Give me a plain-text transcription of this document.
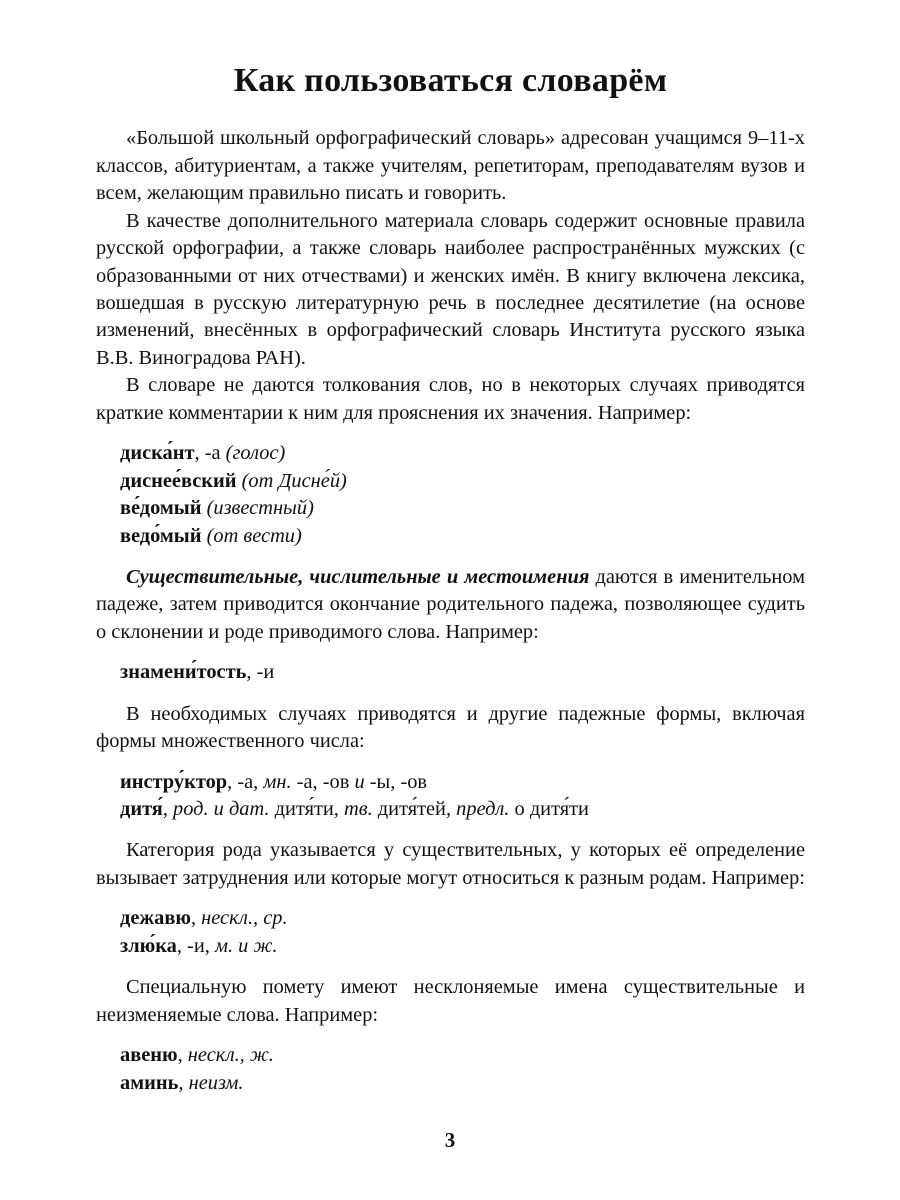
Как пользоваться словарём

«Большой школьный орфографический словарь» адресован учащимся 9–11-х классов, абитуриентам, а также учителям, репетиторам, преподавателям вузов и всем, желающим правильно писать и говорить.

В качестве дополнительного материала словарь содержит основные правила русской орфографии, а также словарь наиболее распространённых мужских (с образованными от них отчествами) и женских имён. В книгу включена лексика, вошедшая в русскую литературную речь в последнее десятилетие (на основе изменений, внесённых в орфографический словарь Института русского языка В.В. Виноградова РАН).

В словаре не даются толкования слов, но в некоторых случаях приводятся краткие комментарии к ним для прояснения их значения. Например:

диска́нт, -а (голос)
диснее́вский (от Дисне́й)
ве́домый (известный)
ведо́мый (от вести)

Существительные, числительные и местоимения даются в именительном падеже, затем приводится окончание родительного падежа, позволяющее судить о склонении и роде приводимого слова. Например:

знамени́тость, -и

В необходимых случаях приводятся и другие падежные формы, включая формы множественного числа:

инстру́ктор, -а, мн. -а, -ов и -ы, -ов
дитя́, род. и дат. дитя́ти, тв. дитя́тей, предл. о дитя́ти

Категория рода указывается у существительных, у которых её определение вызывает затруднения или которые могут относиться к разным родам. Например:

дежавю, нескл., ср.
злю́ка, -и, м. и ж.

Специальную помету имеют несклоняемые имена существительные и неизменяемые слова. Например:

авеню, нескл., ж.
аминь, неизм.
3
